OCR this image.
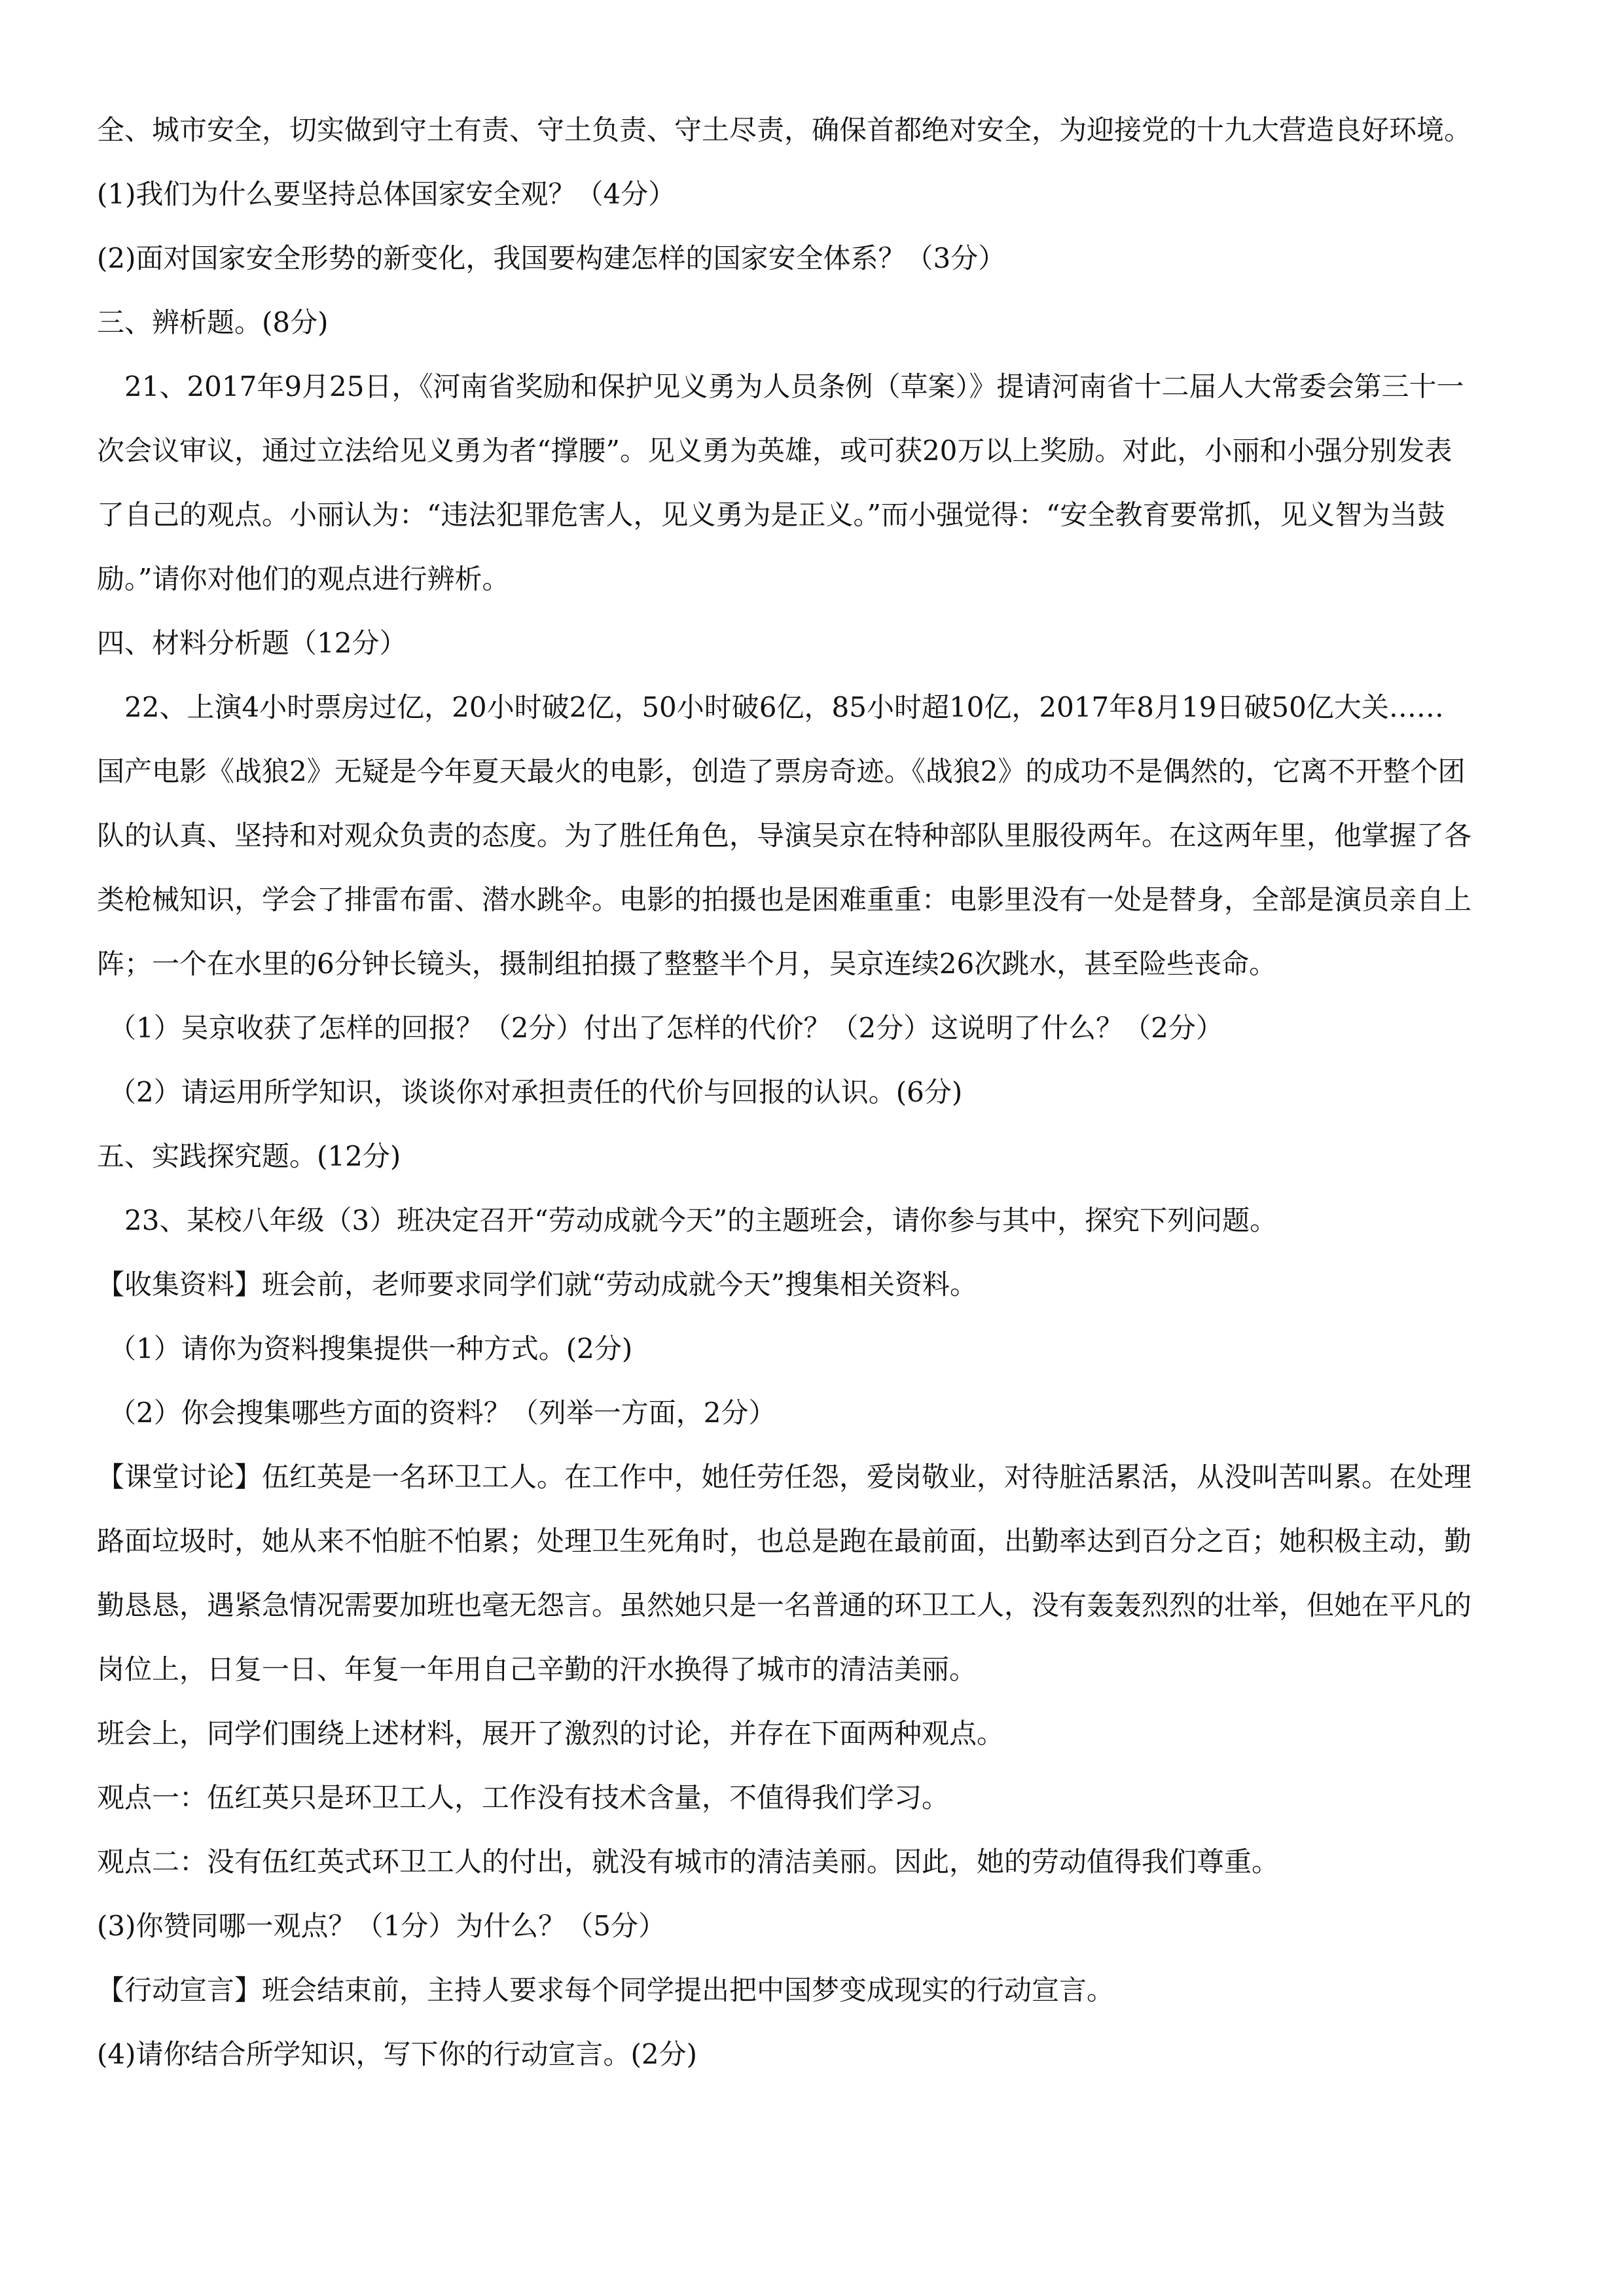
全、城市安全，切实做到守土有责、守土负责、守土尽责，确保首都绝对安全，为迎接党的十九大营造良好环境。

(1)我们为什么要坚持总体国家安全观？（4分）

(2)面对国家安全形势的新变化，我国要构建怎样的国家安全体系？（3分）

三、辨析题。(8分)

21、2017年9月25日，《河南省奖励和保护见义勇为人员条例（草案）》提请河南省十二届人大常委会第三十一

次会议审议，通过立法给见义勇为者“撑腰”。见义勇为英雄，或可获20万以上奖励。对此，小丽和小强分别发表

了自己的观点。小丽认为：“违法犯罪危害人，见义勇为是正义。”而小强觉得：“安全教育要常抓，见义智为当鼓

励。”请你对他们的观点进行辨析。

四、材料分析题（12分）

22、上演4小时票房过亿，20小时破2亿，50小时破6亿，85小时超10亿，2017年8月19日破50亿大关……

国产电影《战狼2》无疑是今年夏天最火的电影，创造了票房奇迹。《战狼2》的成功不是偶然的，它离不开整个团

队的认真、坚持和对观众负责的态度。为了胜任角色，导演吴京在特种部队里服役两年。在这两年里，他掌握了各

类枪械知识，学会了排雷布雷、潜水跳伞。电影的拍摄也是困难重重：电影里没有一处是替身，全部是演员亲自上

阵；一个在水里的6分钟长镜头，摄制组拍摄了整整半个月，吴京连续26次跳水，甚至险些丧命。

（1）吴京收获了怎样的回报？（2分）付出了怎样的代价？（2分）这说明了什么？（2分）

（2）请运用所学知识，谈谈你对承担责任的代价与回报的认识。(6分)

五、实践探究题。(12分)

23、某校八年级（3）班决定召开“劳动成就今天”的主题班会，请你参与其中，探究下列问题。

【收集资料】班会前，老师要求同学们就“劳动成就今天”搜集相关资料。

（1）请你为资料搜集提供一种方式。(2分)

（2）你会搜集哪些方面的资料？（列举一方面，2分）

【课堂讨论】伍红英是一名环卫工人。在工作中，她任劳任怨，爱岗敬业，对待脏活累活，从没叫苦叫累。在处理

路面垃圾时，她从来不怕脏不怕累；处理卫生死角时，也总是跑在最前面，出勤率达到百分之百；她积极主动，勤

勤恳恳，遇紧急情况需要加班也毫无怨言。虽然她只是一名普通的环卫工人，没有轰轰烈烈的壮举，但她在平凡的

岗位上，日复一日、年复一年用自己辛勤的汗水换得了城市的清洁美丽。

班会上，同学们围绕上述材料，展开了激烈的讨论，并存在下面两种观点。

观点一：伍红英只是环卫工人，工作没有技术含量，不值得我们学习。

观点二：没有伍红英式环卫工人的付出，就没有城市的清洁美丽。因此，她的劳动值得我们尊重。

(3)你赞同哪一观点？（1分）为什么？（5分）

【行动宣言】班会结束前，主持人要求每个同学提出把中国梦变成现实的行动宣言。

(4)请你结合所学知识，写下你的行动宣言。(2分)
